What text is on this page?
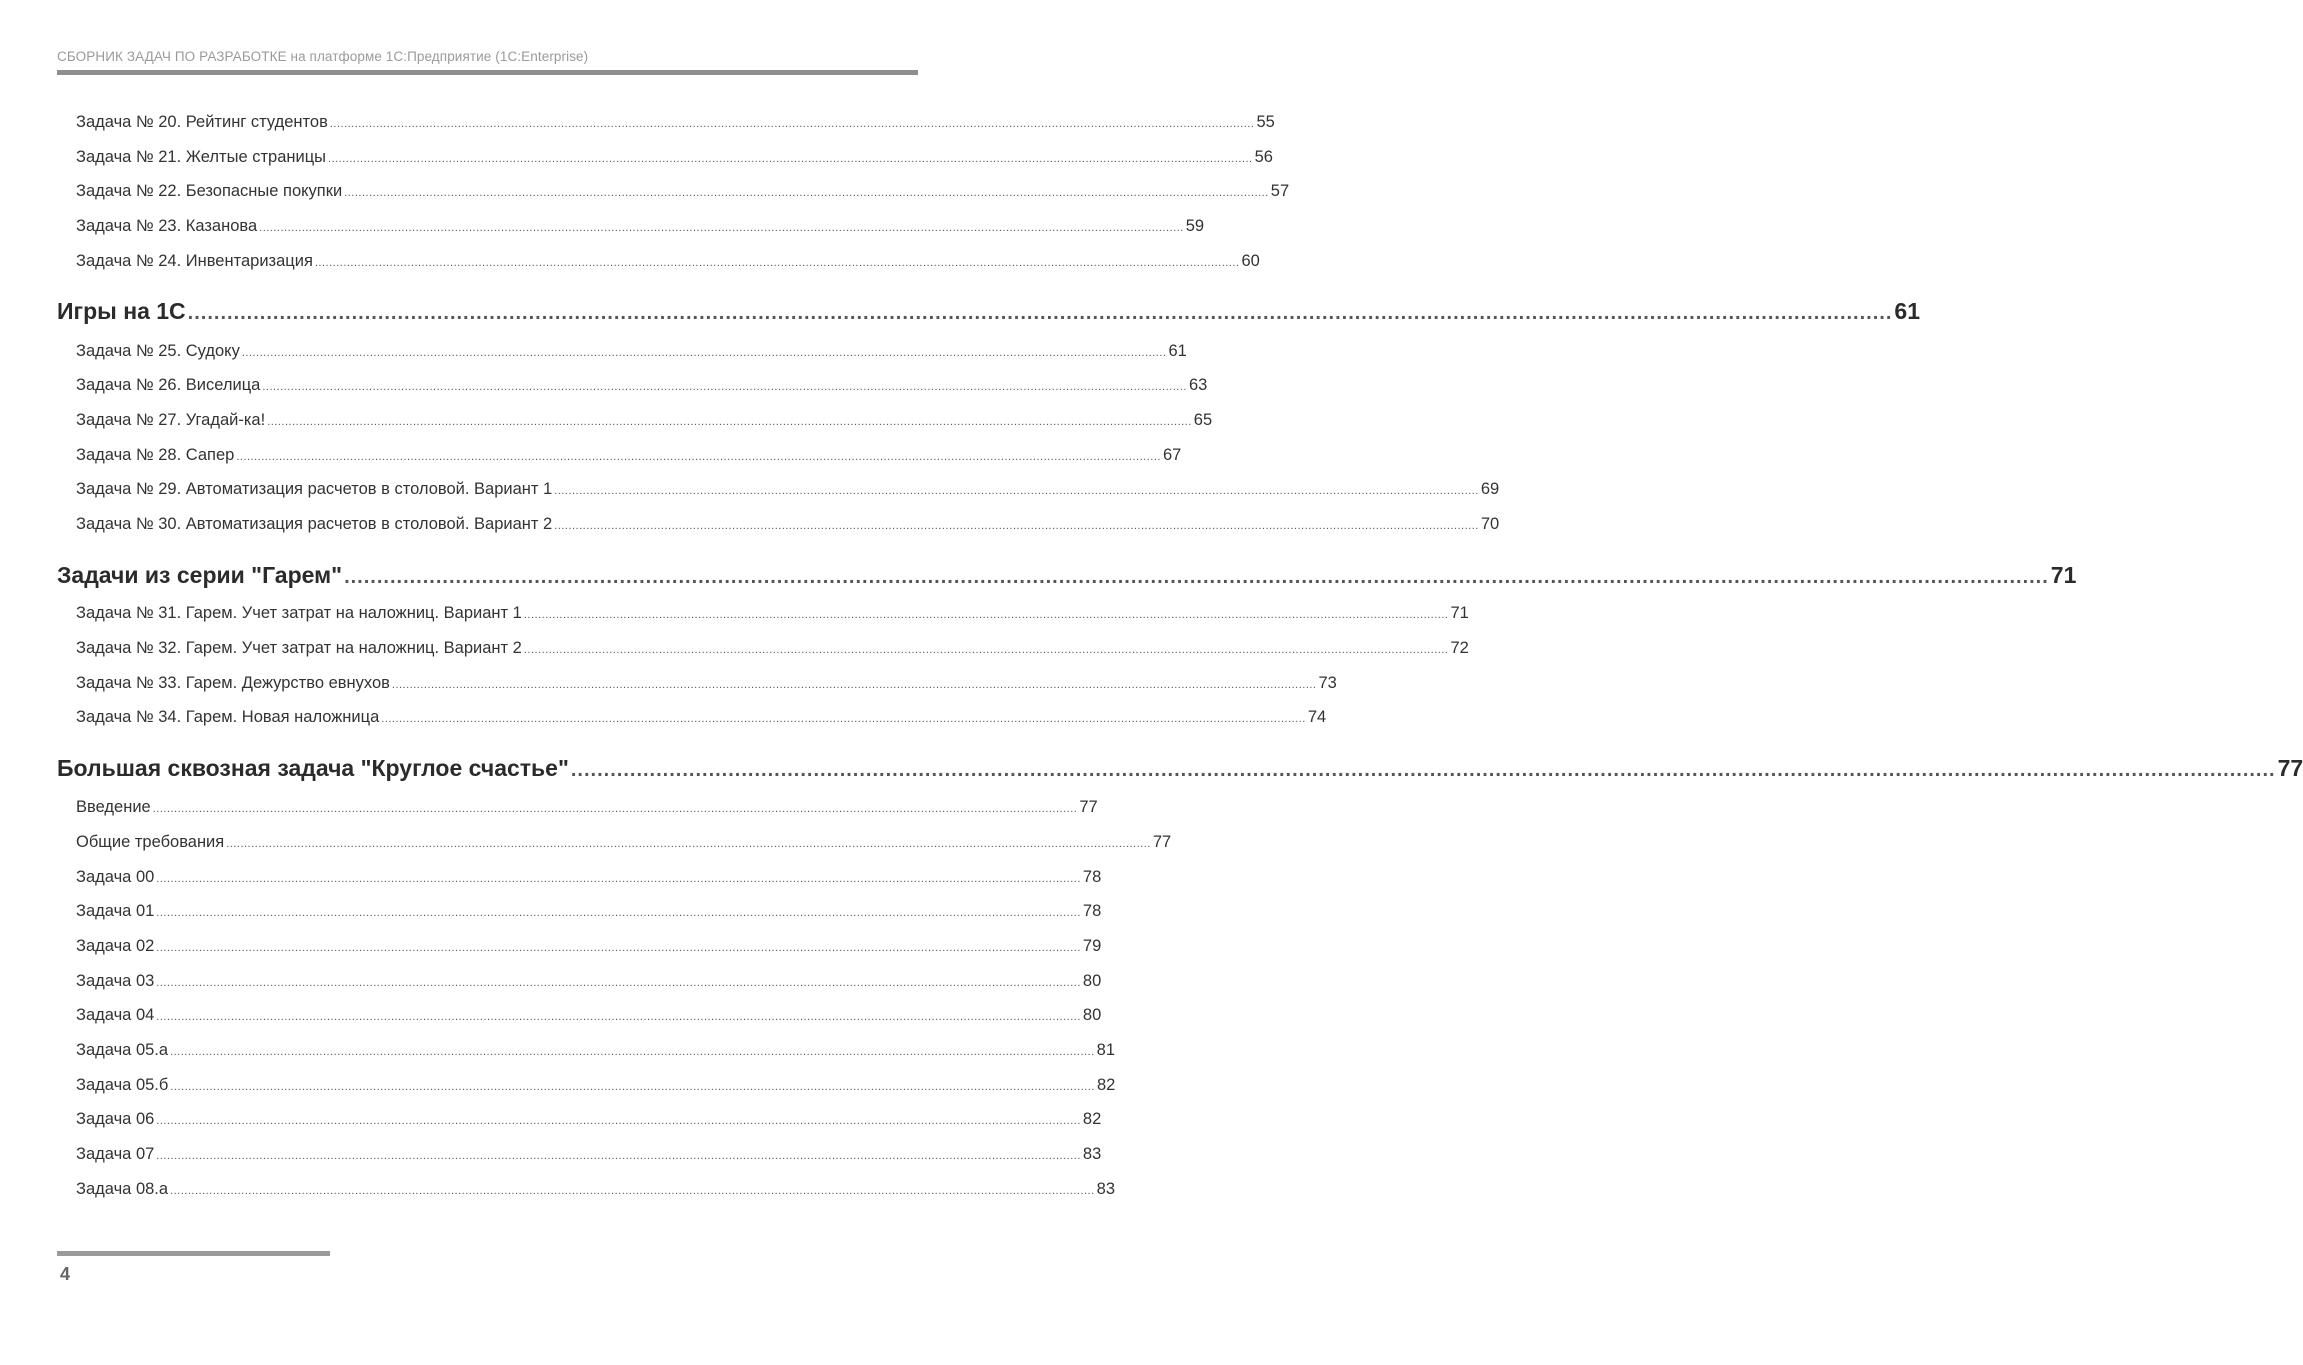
СБОРНИК ЗАДАЧ ПО РАЗРАБОТКЕ на платформе 1С:Предприятие (1С:Enterprise)
Задача № 20. Рейтинг студентов .................................................................................................................................................................................................................................................................... 55
Задача № 21. Желтые страницы .................................................................................................................................................................................................................................................................... 56
Задача № 22. Безопасные покупки .................................................................................................................................................................................................................................................................... 57
Задача № 23. Казанова .................................................................................................................................................................................................................................................................... 59
Задача № 24. Инвентаризация .................................................................................................................................................................................................................................................................... 60
Игры на 1С .................................................................................................................................................................................................................................................................... 61
Задача № 25. Судоку .................................................................................................................................................................................................................................................................... 61
Задача № 26. Виселица .................................................................................................................................................................................................................................................................... 63
Задача № 27. Угадай-ка! .................................................................................................................................................................................................................................................................... 65
Задача № 28. Сапер .................................................................................................................................................................................................................................................................... 67
Задача № 29. Автоматизация расчетов в столовой. Вариант 1 .................................................................................................................................................................................................................................................................... 69
Задача № 30. Автоматизация расчетов в столовой. Вариант 2 .................................................................................................................................................................................................................................................................... 70
Задачи из серии "Гарем" .................................................................................................................................................................................................................................................................... 71
Задача № 31. Гарем. Учет затрат на наложниц. Вариант 1 .................................................................................................................................................................................................................................................................... 71
Задача № 32. Гарем. Учет затрат на наложниц. Вариант 2 .................................................................................................................................................................................................................................................................... 72
Задача № 33. Гарем. Дежурство евнухов .................................................................................................................................................................................................................................................................... 73
Задача № 34. Гарем. Новая наложница .................................................................................................................................................................................................................................................................... 74
Большая сквозная задача "Круглое счастье" .................................................................................................................................................................................................................................................................... 77
Введение .................................................................................................................................................................................................................................................................... 77
Общие требования .................................................................................................................................................................................................................................................................... 77
Задача 00 .................................................................................................................................................................................................................................................................... 78
Задача 01 .................................................................................................................................................................................................................................................................... 78
Задача 02 .................................................................................................................................................................................................................................................................... 79
Задача 03 .................................................................................................................................................................................................................................................................... 80
Задача 04 .................................................................................................................................................................................................................................................................... 80
Задача 05.а .................................................................................................................................................................................................................................................................... 81
Задача 05.б .................................................................................................................................................................................................................................................................... 82
Задача 06 .................................................................................................................................................................................................................................................................... 82
Задача 07 .................................................................................................................................................................................................................................................................... 83
Задача 08.а .................................................................................................................................................................................................................................................................... 83
4
